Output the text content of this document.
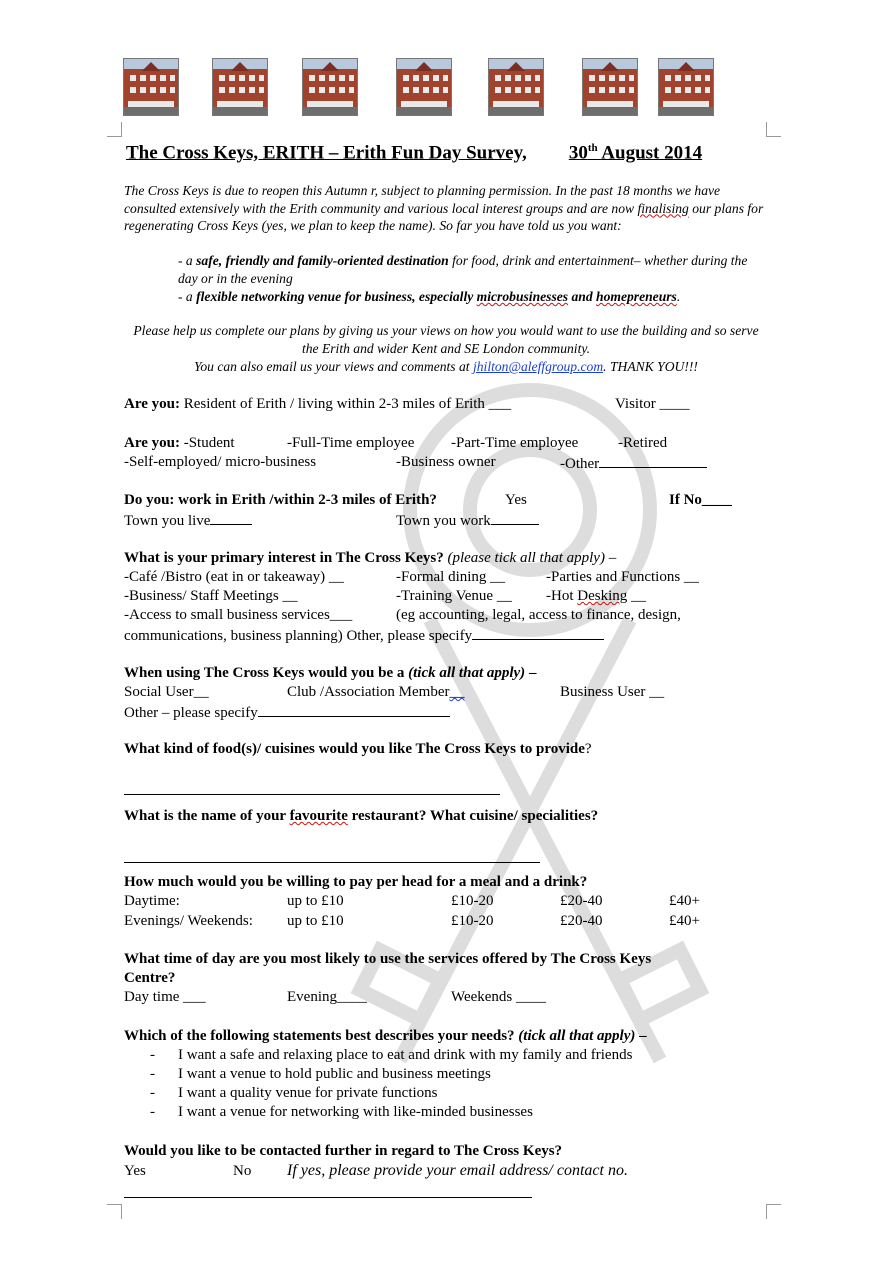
The Cross Keys, ERITH – Erith Fun Day Survey, 30th August 2014
The Cross Keys is due to reopen this Autumn r, subject to planning permission. In the past 18 months we have consulted extensively with the Erith community and various local interest groups and are now finalising our plans for regenerating Cross Keys (yes, we plan to keep the name). So far you have told us you want:
- a safe, friendly and family-oriented destination for food, drink and entertainment– whether during the day or in the evening
- a flexible networking venue for business, especially microbusinesses and homepreneurs.
Please help us complete our plans by giving us your views on how you would want to use the building and so serve the Erith and wider Kent and SE London community.
You can also email us your views and comments at jhilton@aleffgroup.com. THANK YOU!!!
Are you: Resident of Erith / living within 2-3 miles of Erith ___	Visitor ____
Are you: -Student	-Full-Time employee -Part-Time employee	-Retired
-Self-employed/ micro-business	-Business owner	-Other
Do you: work in Erith /within 2-3 miles of Erith?	Yes	If No____
Town you live	Town you work
What is your primary interest in The Cross Keys? (please tick all that apply) –
-Café /Bistro (eat in or takeaway) __	-Formal dining __	-Parties and Functions __
-Business/ Staff Meetings __	-Training Venue __ -Hot Desking __
-Access to small business services___	(eg accounting, legal, access to finance, design,
communications, business planning) Other, please specify
When using The Cross Keys would you be a (tick all that apply) –
Social User__	Club /Association Member__	Business User __
Other – please specify
What kind of food(s)/ cuisines would you like The Cross Keys to provide?
What is the name of your favourite restaurant? What cuisine/ specialities?
How much would you be willing to pay per head for a meal and a drink?
Daytime:	up to £10	£10-20	£20-40	£40+
Evenings/ Weekends: up to £10	£10-20	£20-40	£40+
What time of day are you most likely to use the services offered by The Cross Keys
Centre?
Day time ___	Evening____	Weekends ____
Which of the following statements best describes your needs? (tick all that apply) –
- I want a safe and relaxing place to eat and drink with my family and friends
- I want a venue to hold public and business meetings
- I want a quality venue for private functions
- I want a venue for networking with like-minded businesses
Would you like to be contacted further in regard to The Cross Keys?
Yes	No If yes, please provide your email address/ contact no.
